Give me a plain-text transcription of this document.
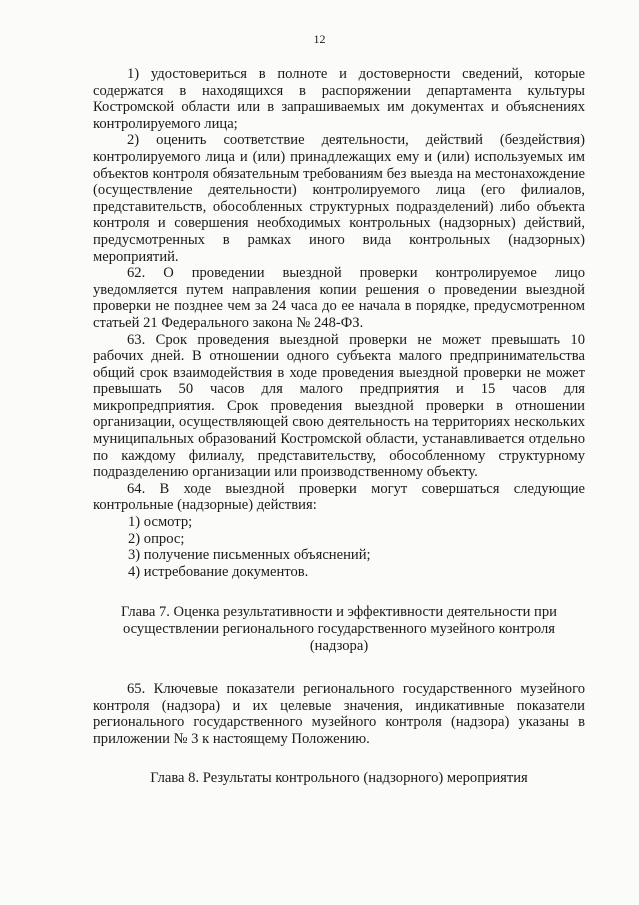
12

1) удостовериться в полноте и достоверности сведений, которые содержатся в находящихся в распоряжении департамента культуры Костромской области или в запрашиваемых им документах и объяснениях контролируемого лица;

2) оценить соответствие деятельности, действий (бездействия) контролируемого лица и (или) принадлежащих ему и (или) используемых им объектов контроля обязательным требованиям без выезда на местонахождение (осуществление деятельности) контролируемого лица (его филиалов, представительств, обособленных структурных подразделений) либо объекта контроля и совершения необходимых контрольных (надзорных) действий, предусмотренных в рамках иного вида контрольных (надзорных) мероприятий.

62. О проведении выездной проверки контролируемое лицо уведомляется путем направления копии решения о проведении выездной проверки не позднее чем за 24 часа до ее начала в порядке, предусмотренном статьей 21 Федерального закона № 248-ФЗ.

63. Срок проведения выездной проверки не может превышать 10 рабочих дней. В отношении одного субъекта малого предпринимательства общий срок взаимодействия в ходе проведения выездной проверки не может превышать 50 часов для малого предприятия и 15 часов для микропредприятия. Срок проведения выездной проверки в отношении организации, осуществляющей свою деятельность на территориях нескольких муниципальных образований Костромской области, устанавливается отдельно по каждому филиалу, представительству, обособленному структурному подразделению организации или производственному объекту.

64. В ходе выездной проверки могут совершаться следующие контрольные (надзорные) действия:

1) осмотр;

2) опрос;

3) получение письменных объяснений;

4) истребование документов.

Глава 7. Оценка результативности и эффективности деятельности при осуществлении регионального государственного музейного контроля (надзора)

65. Ключевые показатели регионального государственного музейного контроля (надзора) и их целевые значения, индикативные показатели регионального государственного музейного контроля (надзора) указаны в приложении № 3 к настоящему Положению.

Глава 8. Результаты контрольного (надзорного) мероприятия
